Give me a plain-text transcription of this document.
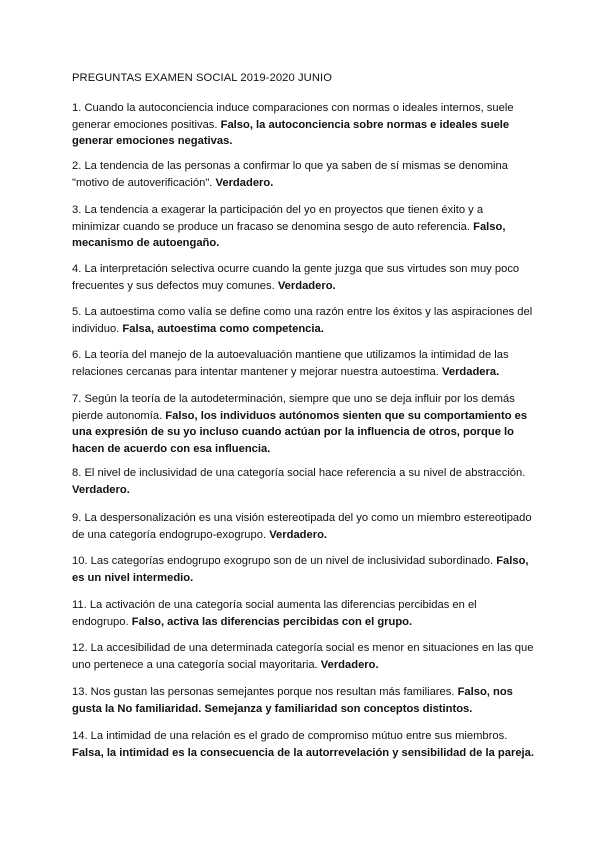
PREGUNTAS EXAMEN SOCIAL 2019-2020 JUNIO
1. Cuando la autoconciencia induce comparaciones con normas o ideales internos, suele generar emociones positivas. Falso, la autoconciencia sobre normas e ideales suele generar emociones negativas.
2. La tendencia de las personas a confirmar lo que ya saben de sí mismas se denomina "motivo de autoverificación". Verdadero.
3. La tendencia a exagerar la participación del yo en proyectos que tienen éxito y a minimizar cuando se produce un fracaso se denomina sesgo de auto referencia. Falso, mecanismo de autoengaño.
4. La interpretación selectiva ocurre cuando la gente juzga que sus virtudes son muy poco frecuentes y sus defectos muy comunes. Verdadero.
5. La autoestima como valía se define como una razón entre los éxitos y las aspiraciones del individuo. Falsa, autoestima como competencia.
6. La teoría del manejo de la autoevaluación mantiene que utilizamos la intimidad de las relaciones cercanas para intentar mantener y mejorar nuestra autoestima. Verdadera.
7. Según la teoría de la autodeterminación, siempre que uno se deja influir por los demás pierde autonomía. Falso, los individuos autónomos sienten que su comportamiento es una expresión de su yo incluso cuando actúan por la influencia de otros, porque lo hacen de acuerdo con esa influencia.
8. El nivel de inclusividad de una categoría social hace referencia a su nivel de abstracción. Verdadero.
9. La despersonalización es una visión estereotipada del yo como un miembro estereotipado de una categoría endogrupo-exogrupo. Verdadero.
10. Las categorías endogrupo exogrupo son de un nivel de inclusividad subordinado. Falso, es un nivel intermedio.
11. La activación de una categoría social aumenta las diferencias percibidas en el endogrupo. Falso, activa las diferencias percibidas con el grupo.
12. La accesibilidad de una determinada categoría social es menor en situaciones en las que uno pertenece a una categoría social mayoritaria. Verdadero.
13. Nos gustan las personas semejantes porque nos resultan más familiares. Falso, nos gusta la No familiaridad. Semejanza y familiaridad son conceptos distintos.
14. La intimidad de una relación es el grado de compromiso mútuo entre sus miembros. Falsa, la intimidad es la consecuencia de la autorrevelación y sensibilidad de la pareja.
